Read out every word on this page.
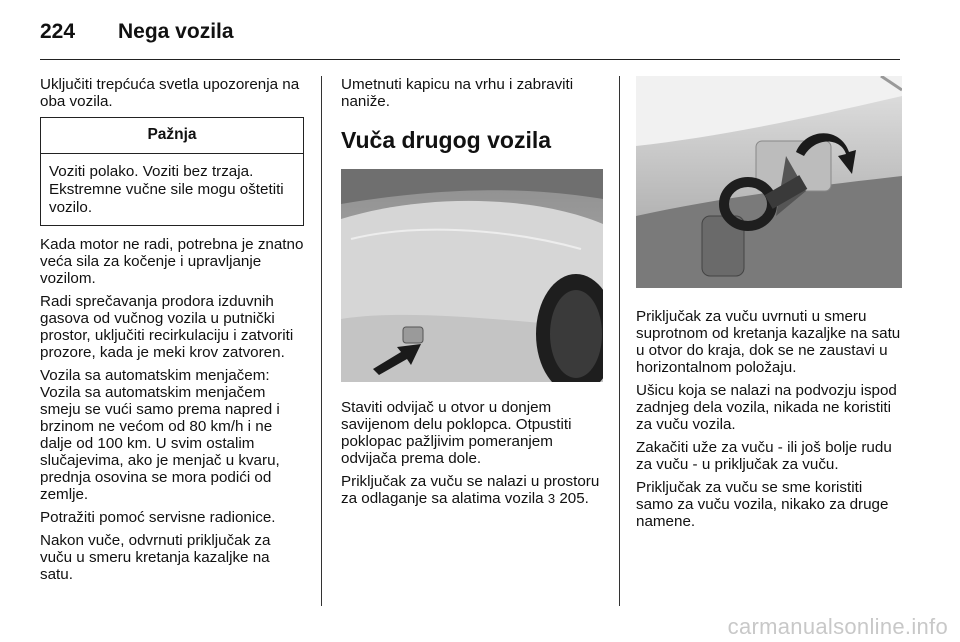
224 Nega vozila

Uključiti trepćuća svetla upozorenja na oba vozila.

Pažnja
Voziti polako. Voziti bez trzaja. Ekstremne vučne sile mogu oštetiti vozilo.

Kada motor ne radi, potrebna je znatno veća sila za kočenje i upravljanje vozilom.

Radi sprečavanja prodora izduvnih gasova od vučnog vozila u putnički prostor, uključiti recirkulaciju i zatvoriti prozore, kada je meki krov zatvoren.

Vozila sa automatskim menjačem: Vozila sa automatskim menjačem smeju se vući samo prema napred i brzinom ne većom od 80 km/h i ne dalje od 100 km. U svim ostalim slučajevima, ako je menjač u kvaru, prednja osovina se mora podići od zemlje.

Potražiti pomoć servisne radionice.

Nakon vuče, odvrnuti priključak za vuču u smeru kretanja kazaljke na satu.

Umetnuti kapicu na vrhu i zabraviti naniže.

Vuča drugog vozila

Staviti odvijač u otvor u donjem savijenom delu poklopca. Otpustiti poklopac pažljivim pomeranjem odvijača prema dole.

Priključak za vuču se nalazi u prostoru za odlaganje sa alatima vozila 3 205.

Priključak za vuču uvrnuti u smeru suprotnom od kretanja kazaljke na satu u otvor do kraja, dok se ne zaustavi u horizontalnom položaju.

Ušicu koja se nalazi na podvozju ispod zadnjeg dela vozila, nikada ne koristiti za vuču vozila.

Zakačiti uže za vuču - ili još bolje rudu za vuču - u priključak za vuču.

Priključak za vuču se sme koristiti samo za vuču vozila, nikako za druge namene.

carmanualsonline.info
